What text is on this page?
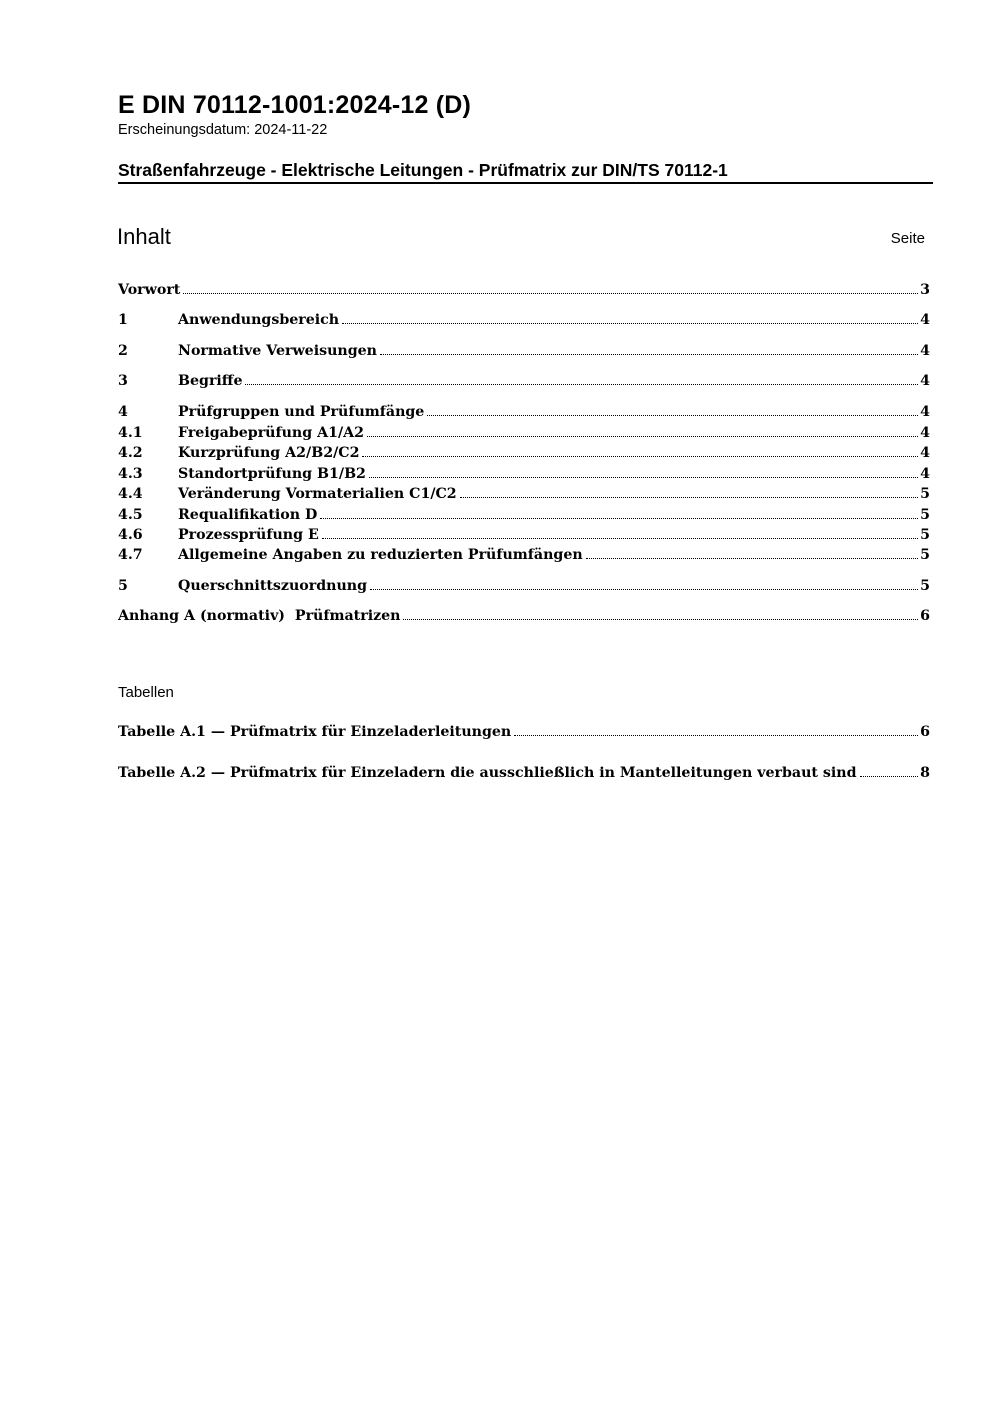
E DIN 70112-1001:2024-12 (D)
Erscheinungsdatum: 2024-11-22
Straßenfahrzeuge - Elektrische Leitungen - Prüfmatrix zur DIN/TS 70112-1
Inhalt	Seite
Vorwort	3
1	Anwendungsbereich	4
2	Normative Verweisungen	4
3	Begriffe	4
4	Prüfgruppen und Prüfumfänge	4
4.1	Freigabeprüfung A1/A2	4
4.2	Kurzprüfung A2/B2/C2	4
4.3	Standortprüfung B1/B2	4
4.4	Veränderung Vormaterialien C1/C2	5
4.5	Requalifikation D	5
4.6	Prozessprüfung E	5
4.7	Allgemeine Angaben zu reduzierten Prüfumfängen	5
5	Querschnittszuordnung	5
Anhang A (normativ)  Prüfmatrizen	6
Tabellen
Tabelle A.1 — Prüfmatrix für Einzeladerleitungen	6
Tabelle A.2 — Prüfmatrix für Einzeladern die ausschließlich in Mantelleitungen verbaut sind	8
